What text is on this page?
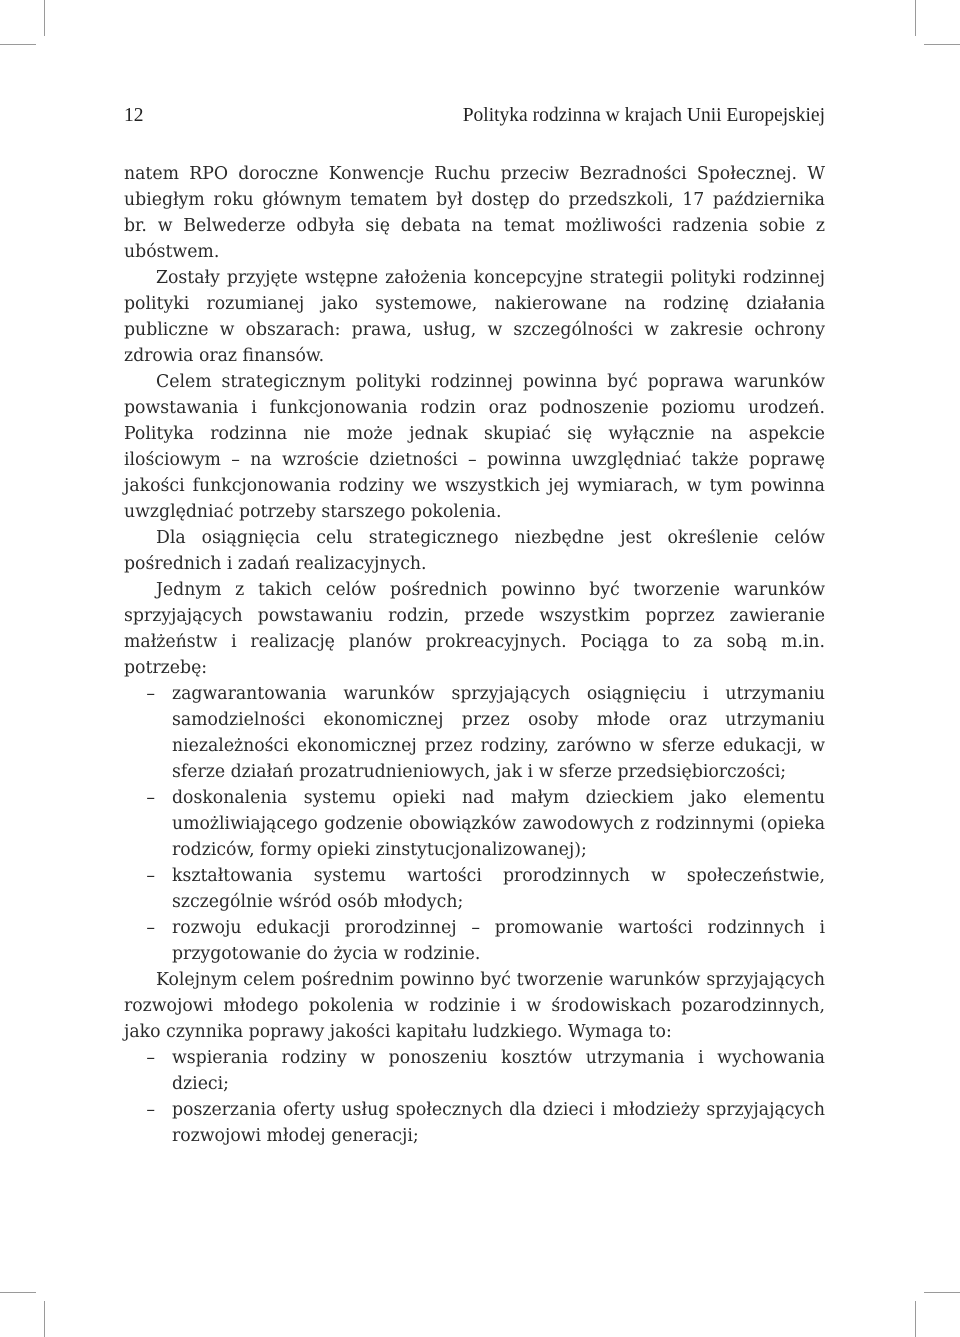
12	Polityka rodzinna w krajach Unii Europejskiej

natem RPO doroczne Konwencje Ruchu przeciw Bezradności Społecznej. W ubiegłym roku głównym tematem był dostęp do przedszkoli, 17 października br. w Belwederze odbyła się debata na temat możliwości radzenia sobie z ubóstwem.

Zostały przyjęte wstępne założenia koncepcyjne strategii polityki rodzinnej polityki rozumianej jako systemowe, nakierowane na rodzinę działania publiczne w obszarach: prawa, usług, w szczególności w zakresie ochrony zdrowia oraz finansów.

Celem strategicznym polityki rodzinnej powinna być poprawa warunków powstawania i funkcjonowania rodzin oraz podnoszenie poziomu urodzeń. Polityka rodzinna nie może jednak skupiać się wyłącznie na aspekcie ilościowym – na wzroście dzietności – powinna uwzględniać także poprawę jakości funkcjonowania rodziny we wszystkich jej wymiarach, w tym powinna uwzględniać potrzeby starszego pokolenia.

Dla osiągnięcia celu strategicznego niezbędne jest określenie celów pośrednich i zadań realizacyjnych.

Jednym z takich celów pośrednich powinno być tworzenie warunków sprzyjających powstawaniu rodzin, przede wszystkim poprzez zawieranie małżeństw i realizację planów prokreacyjnych. Pociąga to za sobą m.in. potrzebę:

– zagwarantowania warunków sprzyjających osiągnięciu i utrzymaniu samodzielności ekonomicznej przez osoby młode oraz utrzymaniu niezależności ekonomicznej przez rodziny, zarówno w sferze edukacji, w sferze działań prozatrudnieniowych, jak i w sferze przedsiębiorczości;
– doskonalenia systemu opieki nad małym dzieckiem jako elementu umożliwiającego godzenie obowiązków zawodowych z rodzinnymi (opieka rodziców, formy opieki zinstytucjonalizowanej);
– kształtowania systemu wartości prorodzinnych w społeczeństwie, szczególnie wśród osób młodych;
– rozwoju edukacji prorodzinnej – promowanie wartości rodzinnych i przygotowanie do życia w rodzinie.

Kolejnym celem pośrednim powinno być tworzenie warunków sprzyjających rozwojowi młodego pokolenia w rodzinie i w środowiskach pozarodzinnych, jako czynnika poprawy jakości kapitału ludzkiego. Wymaga to:

– wspierania rodziny w ponoszeniu kosztów utrzymania i wychowania dzieci;
– poszerzania oferty usług społecznych dla dzieci i młodzieży sprzyjających rozwojowi młodej generacji;
